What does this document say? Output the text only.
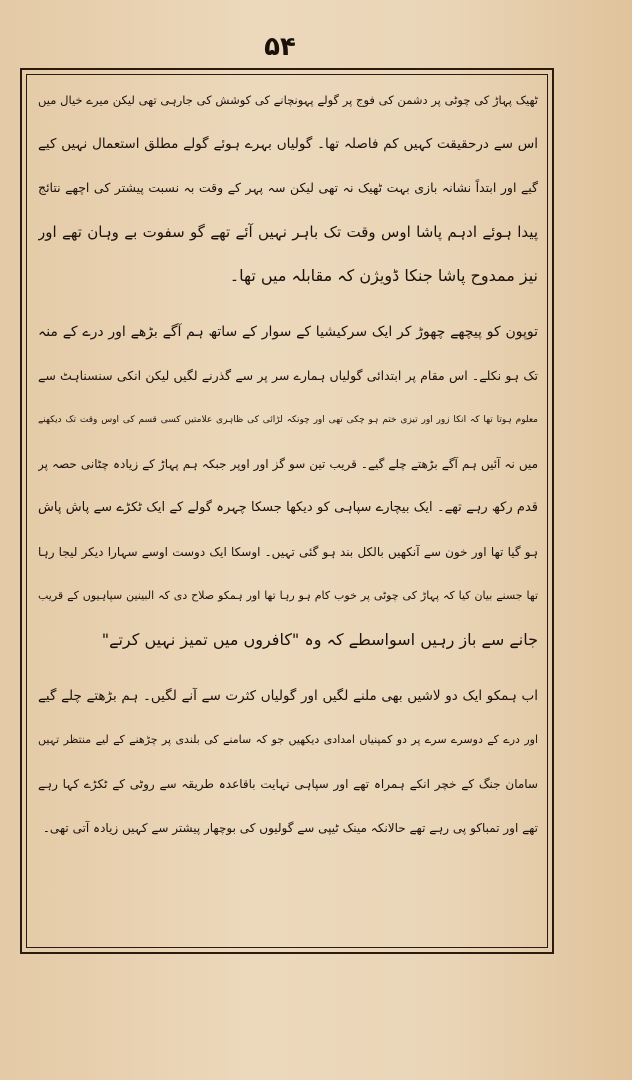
۵۴
ٹھیک پہاڑ کی چوٹی پر دشمن کی فوج پر گولے پہونچانے کی کوشش کی جارہی تھی لیکن میرے خیال میں
اس سے درحقیقت کہیں کم فاصلہ تھا۔ گولیاں بہرے ہوئے گولے مطلق استعمال نہیں کیے
گیے اور ابتداً نشانہ بازی بہت ٹھیک نہ تھی لیکن سہ پہر کے وقت بہ نسبت پیشتر کی اچھے نتائج
پیدا ہوئے ادہم پاشا اوس وقت تک باہر نہیں آئے تھے گو سفوت بے وہان تھے اور
نیز ممدوح پاشا جنکا ڈویژن کہ مقابلہ میں تھا۔
توپون کو پیچھے چھوڑ کر ایک سرکیشیا کے سوار کے ساتھ ہم آگے بڑھے اور درے کے منہ
تک ہو نکلے۔ اس مقام پر ابتدائی گولیاں ہمارے سر پر سے گذرنے لگیں لیکن انکی سنسناہٹ سے
معلوم ہوتا تھا کہ انکا زور اور تیزی ختم ہو چکی تھی اور چونکہ لڑائی کی ظاہری علامتیں کسی قسم کی اوس وقت تک دیکھنے
میں نہ آئیں ہم آگے بڑھتے چلے گیے۔ قریب تین سو گز اور اوپر جبکہ ہم پہاڑ کے زیادہ چٹانی حصہ پر
قدم رکھ رہے تھے۔ ایک بیچارے سپاہی کو دیکھا جسکا چہرہ گولے کے ایک ٹکڑے سے پاش پاش
ہو گیا تھا اور خون سے آنکھیں بالکل بند ہو گئی تہیں۔ اوسکا ایک دوست اوسے سہارا دیکر لیجا رہا
تھا جسنے بیان کیا کہ پہاڑ کی چوٹی پر خوب کام ہو رہا تھا اور ہمکو صلاح دی کہ البینین سپاہیوں کے قریب
جانے سے باز رہیں اسواسطے کہ وہ "کافروں میں تمیز نہیں کرتے"
اب ہمکو ایک دو لاشیں بھی ملنے لگیں اور گولیاں کثرت سے آنے لگیں۔ ہم بڑھتے چلے گیے
اور درے کے دوسرے سرے پر دو کمپنیاں امدادی دیکھیں جو کہ سامنے کی بلندی پر چڑھنے کے لیے منتظر تہیں
سامان جنگ کے خچر انکے ہمراہ تھے اور سپاہی نہایت باقاعدہ طریقہ سے روٹی کے ٹکڑے کہا رہے
تھے اور تمباکو پی رہے تھے حالانکہ مینک ٹیپی سے گولیوں کی بوچھار پیشتر سے کہیں زیادہ آتی تھی۔
